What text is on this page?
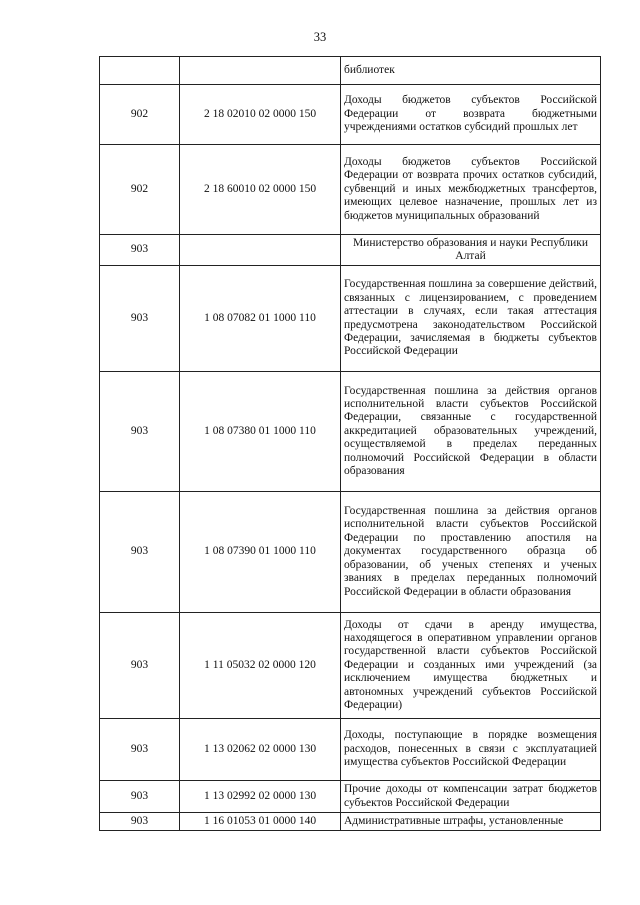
33
		библиотек
902	2 18 02010 02 0000 150	Доходы бюджетов субъектов Российской Федерации от возврата бюджетными учреждениями остатков субсидий прошлых лет
902	2 18 60010 02 0000 150	Доходы бюджетов субъектов Российской Федерации от возврата прочих остатков субсидий, субвенций и иных межбюджетных трансфертов, имеющих целевое назначение, прошлых лет из бюджетов муниципальных образований
903		Министерство образования и науки Республики Алтай
903	1 08 07082 01 1000 110	Государственная пошлина за совершение действий, связанных с лицензированием, с проведением аттестации в случаях, если такая аттестация предусмотрена законодательством Российской Федерации, зачисляемая в бюджеты субъектов Российской Федерации
903	1 08 07380 01 1000 110	Государственная пошлина за действия органов исполнительной власти субъектов Российской Федерации, связанные с государственной аккредитацией образовательных учреждений, осуществляемой в пределах переданных полномочий Российской Федерации в области образования
903	1 08 07390 01 1000 110	Государственная пошлина за действия органов исполнительной власти субъектов Российской Федерации по проставлению апостиля на документах государственного образца об образовании, об ученых степенях и ученых званиях в пределах переданных полномочий Российской Федерации в области образования
903	1 11 05032 02 0000 120	Доходы от сдачи в аренду имущества, находящегося в оперативном управлении органов государственной власти субъектов Российской Федерации и созданных ими учреждений (за исключением имущества бюджетных и автономных учреждений субъектов Российской Федерации)
903	1 13 02062 02 0000 130	Доходы, поступающие в порядке возмещения расходов, понесенных в связи с эксплуатацией имущества субъектов Российской Федерации
903	1 13 02992 02 0000 130	Прочие доходы от компенсации затрат бюджетов субъектов Российской Федерации
903	1 16 01053 01 0000 140	Административные штрафы, установленные
